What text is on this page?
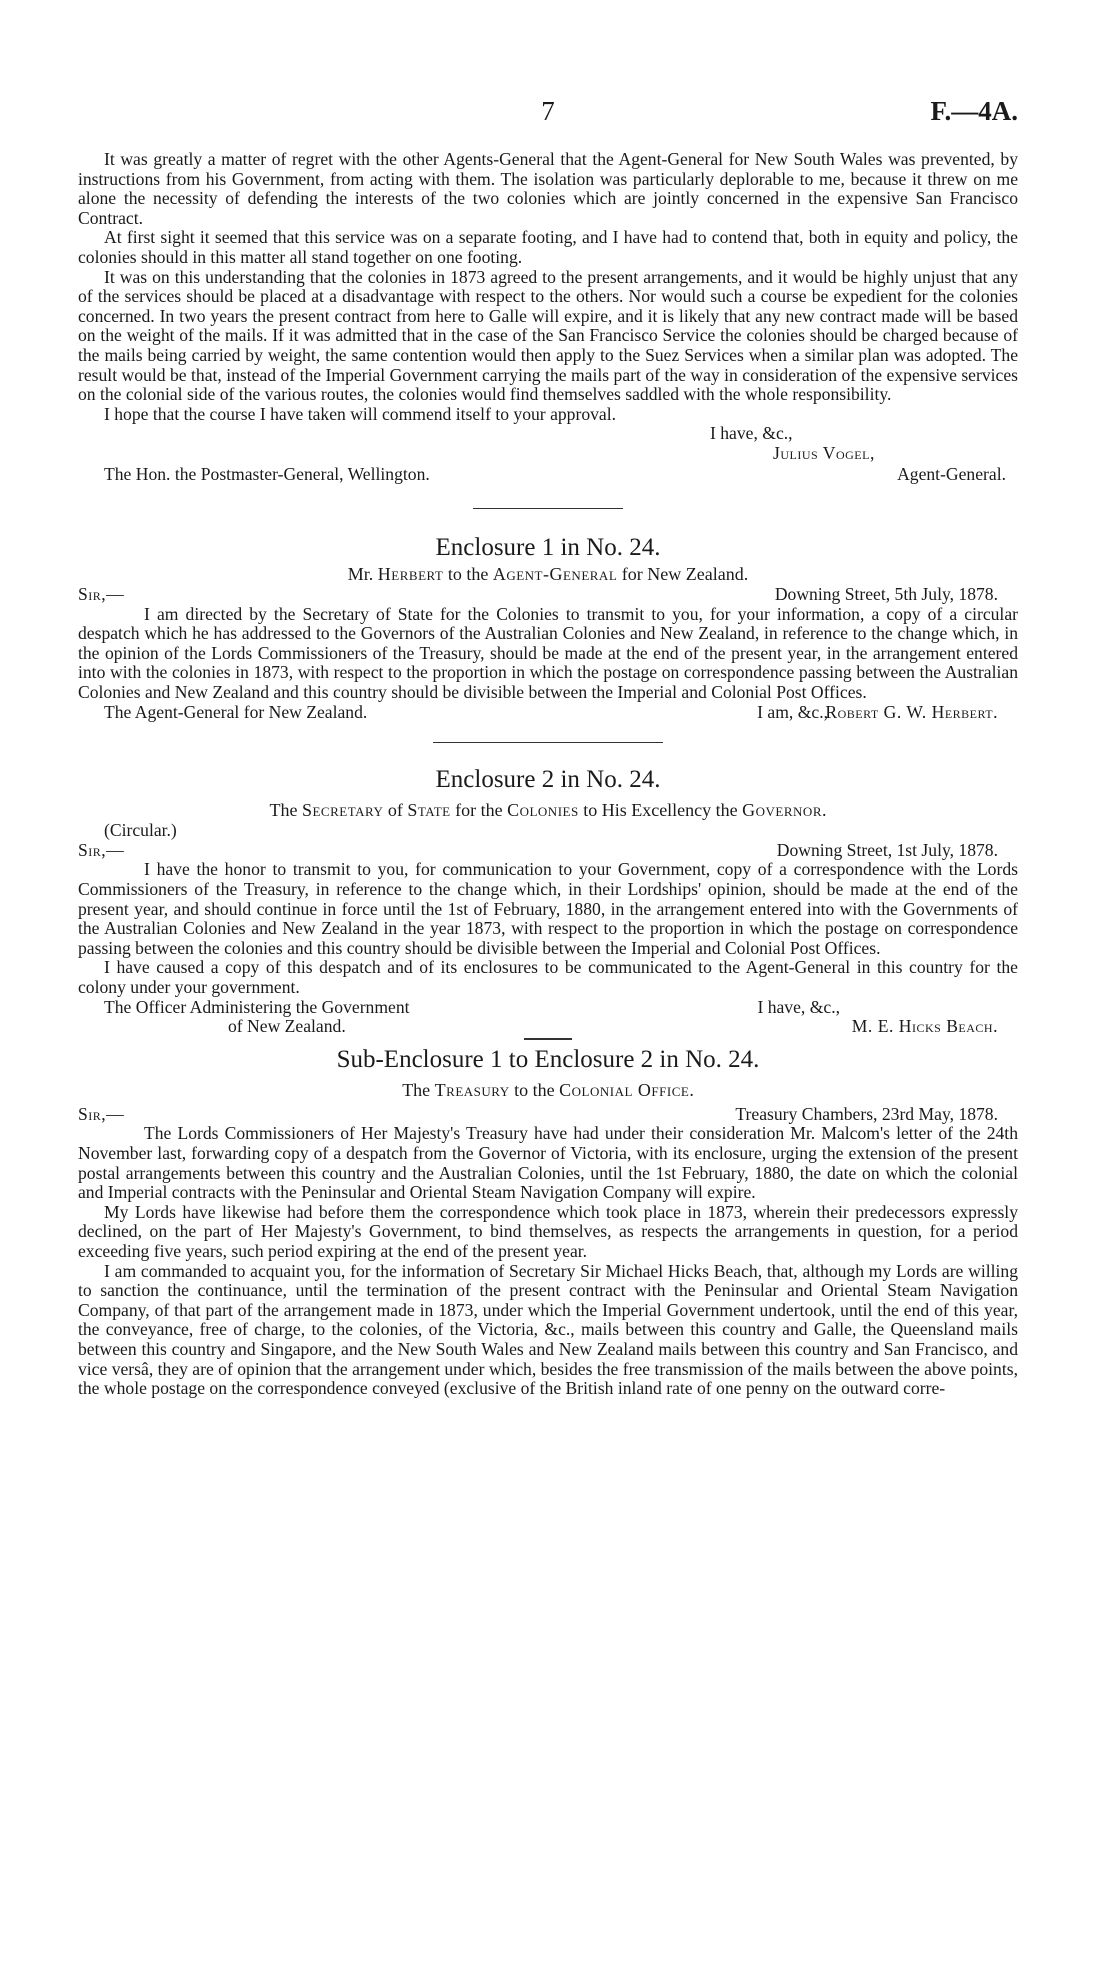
7	F.—4A.

It was greatly a matter of regret with the other Agents-General that the Agent-General for New South Wales was prevented, by instructions from his Government, from acting with them. The isolation was particularly deplorable to me, because it threw on me alone the necessity of defending the interests of the two colonies which are jointly concerned in the expensive San Francisco Contract.

At first sight it seemed that this service was on a separate footing, and I have had to contend that, both in equity and policy, the colonies should in this matter all stand together on one footing.

It was on this understanding that the colonies in 1873 agreed to the present arrangements, and it would be highly unjust that any of the services should be placed at a disadvantage with respect to the others. Nor would such a course be expedient for the colonies concerned. In two years the present contract from here to Galle will expire, and it is likely that any new contract made will be based on the weight of the mails. If it was admitted that in the case of the San Francisco Service the colonies should be charged because of the mails being carried by weight, the same contention would then apply to the Suez Services when a similar plan was adopted. The result would be that, instead of the Imperial Government carrying the mails part of the way in consideration of the expensive services on the colonial side of the various routes, the colonies would find themselves saddled with the whole responsibility.

I hope that the course I have taken will commend itself to your approval.

I have, &c.,
Julius Vogel,
The Hon. the Postmaster-General, Wellington.	Agent-General.
Enclosure 1 in No. 24.
Mr. Herbert to the Agent-General for New Zealand.
Sir,—	Downing Street, 5th July, 1878.

I am directed by the Secretary of State for the Colonies to transmit to you, for your information, a copy of a circular despatch which he has addressed to the Governors of the Australian Colonies and New Zealand, in reference to the change which, in the opinion of the Lords Commissioners of the Treasury, should be made at the end of the present year, in the arrangement entered into with the colonies in 1873, with respect to the proportion in which the postage on correspondence passing between the Australian Colonies and New Zealand and this country should be divisible between the Imperial and Colonial Post Offices.

The Agent-General for New Zealand.	I am, &c.,
Robert G. W. Herbert.
Enclosure 2 in No. 24.
The Secretary of State for the Colonies to His Excellency the Governor.
(Circular.)
Sir,—	Downing Street, 1st July, 1878.

I have the honor to transmit to you, for communication to your Government, copy of a correspondence with the Lords Commissioners of the Treasury, in reference to the change which, in their Lordships' opinion, should be made at the end of the present year, and should continue in force until the 1st of February, 1880, in the arrangement entered into with the Governments of the Australian Colonies and New Zealand in the year 1873, with respect to the proportion in which the postage on correspondence passing between the colonies and this country should be divisible between the Imperial and Colonial Post Offices.

I have caused a copy of this despatch and of its enclosures to be communicated to the Agent-General in this country for the colony under your government.

The Officer Administering the Government	I have, &c.,
of New Zealand.	M. E. Hicks Beach.
Sub-Enclosure 1 to Enclosure 2 in No. 24.
The Treasury to the Colonial Office.
Sir,—	Treasury Chambers, 23rd May, 1878.

The Lords Commissioners of Her Majesty's Treasury have had under their consideration Mr. Malcom's letter of the 24th November last, forwarding copy of a despatch from the Governor of Victoria, with its enclosure, urging the extension of the present postal arrangements between this country and the Australian Colonies, until the 1st February, 1880, the date on which the colonial and Imperial contracts with the Peninsular and Oriental Steam Navigation Company will expire.

My Lords have likewise had before them the correspondence which took place in 1873, wherein their predecessors expressly declined, on the part of Her Majesty's Government, to bind themselves, as respects the arrangements in question, for a period exceeding five years, such period expiring at the end of the present year.

I am commanded to acquaint you, for the information of Secretary Sir Michael Hicks Beach, that, although my Lords are willing to sanction the continuance, until the termination of the present contract with the Peninsular and Oriental Steam Navigation Company, of that part of the arrangement made in 1873, under which the Imperial Government undertook, until the end of this year, the conveyance, free of charge, to the colonies, of the Victoria, &c., mails between this country and Galle, the Queensland mails between this country and Singapore, and the New South Wales and New Zealand mails between this country and San Francisco, and vice versâ, they are of opinion that the arrangement under which, besides the free transmission of the mails between the above points, the whole postage on the correspondence conveyed (exclusive of the British inland rate of one penny on the outward corre-
